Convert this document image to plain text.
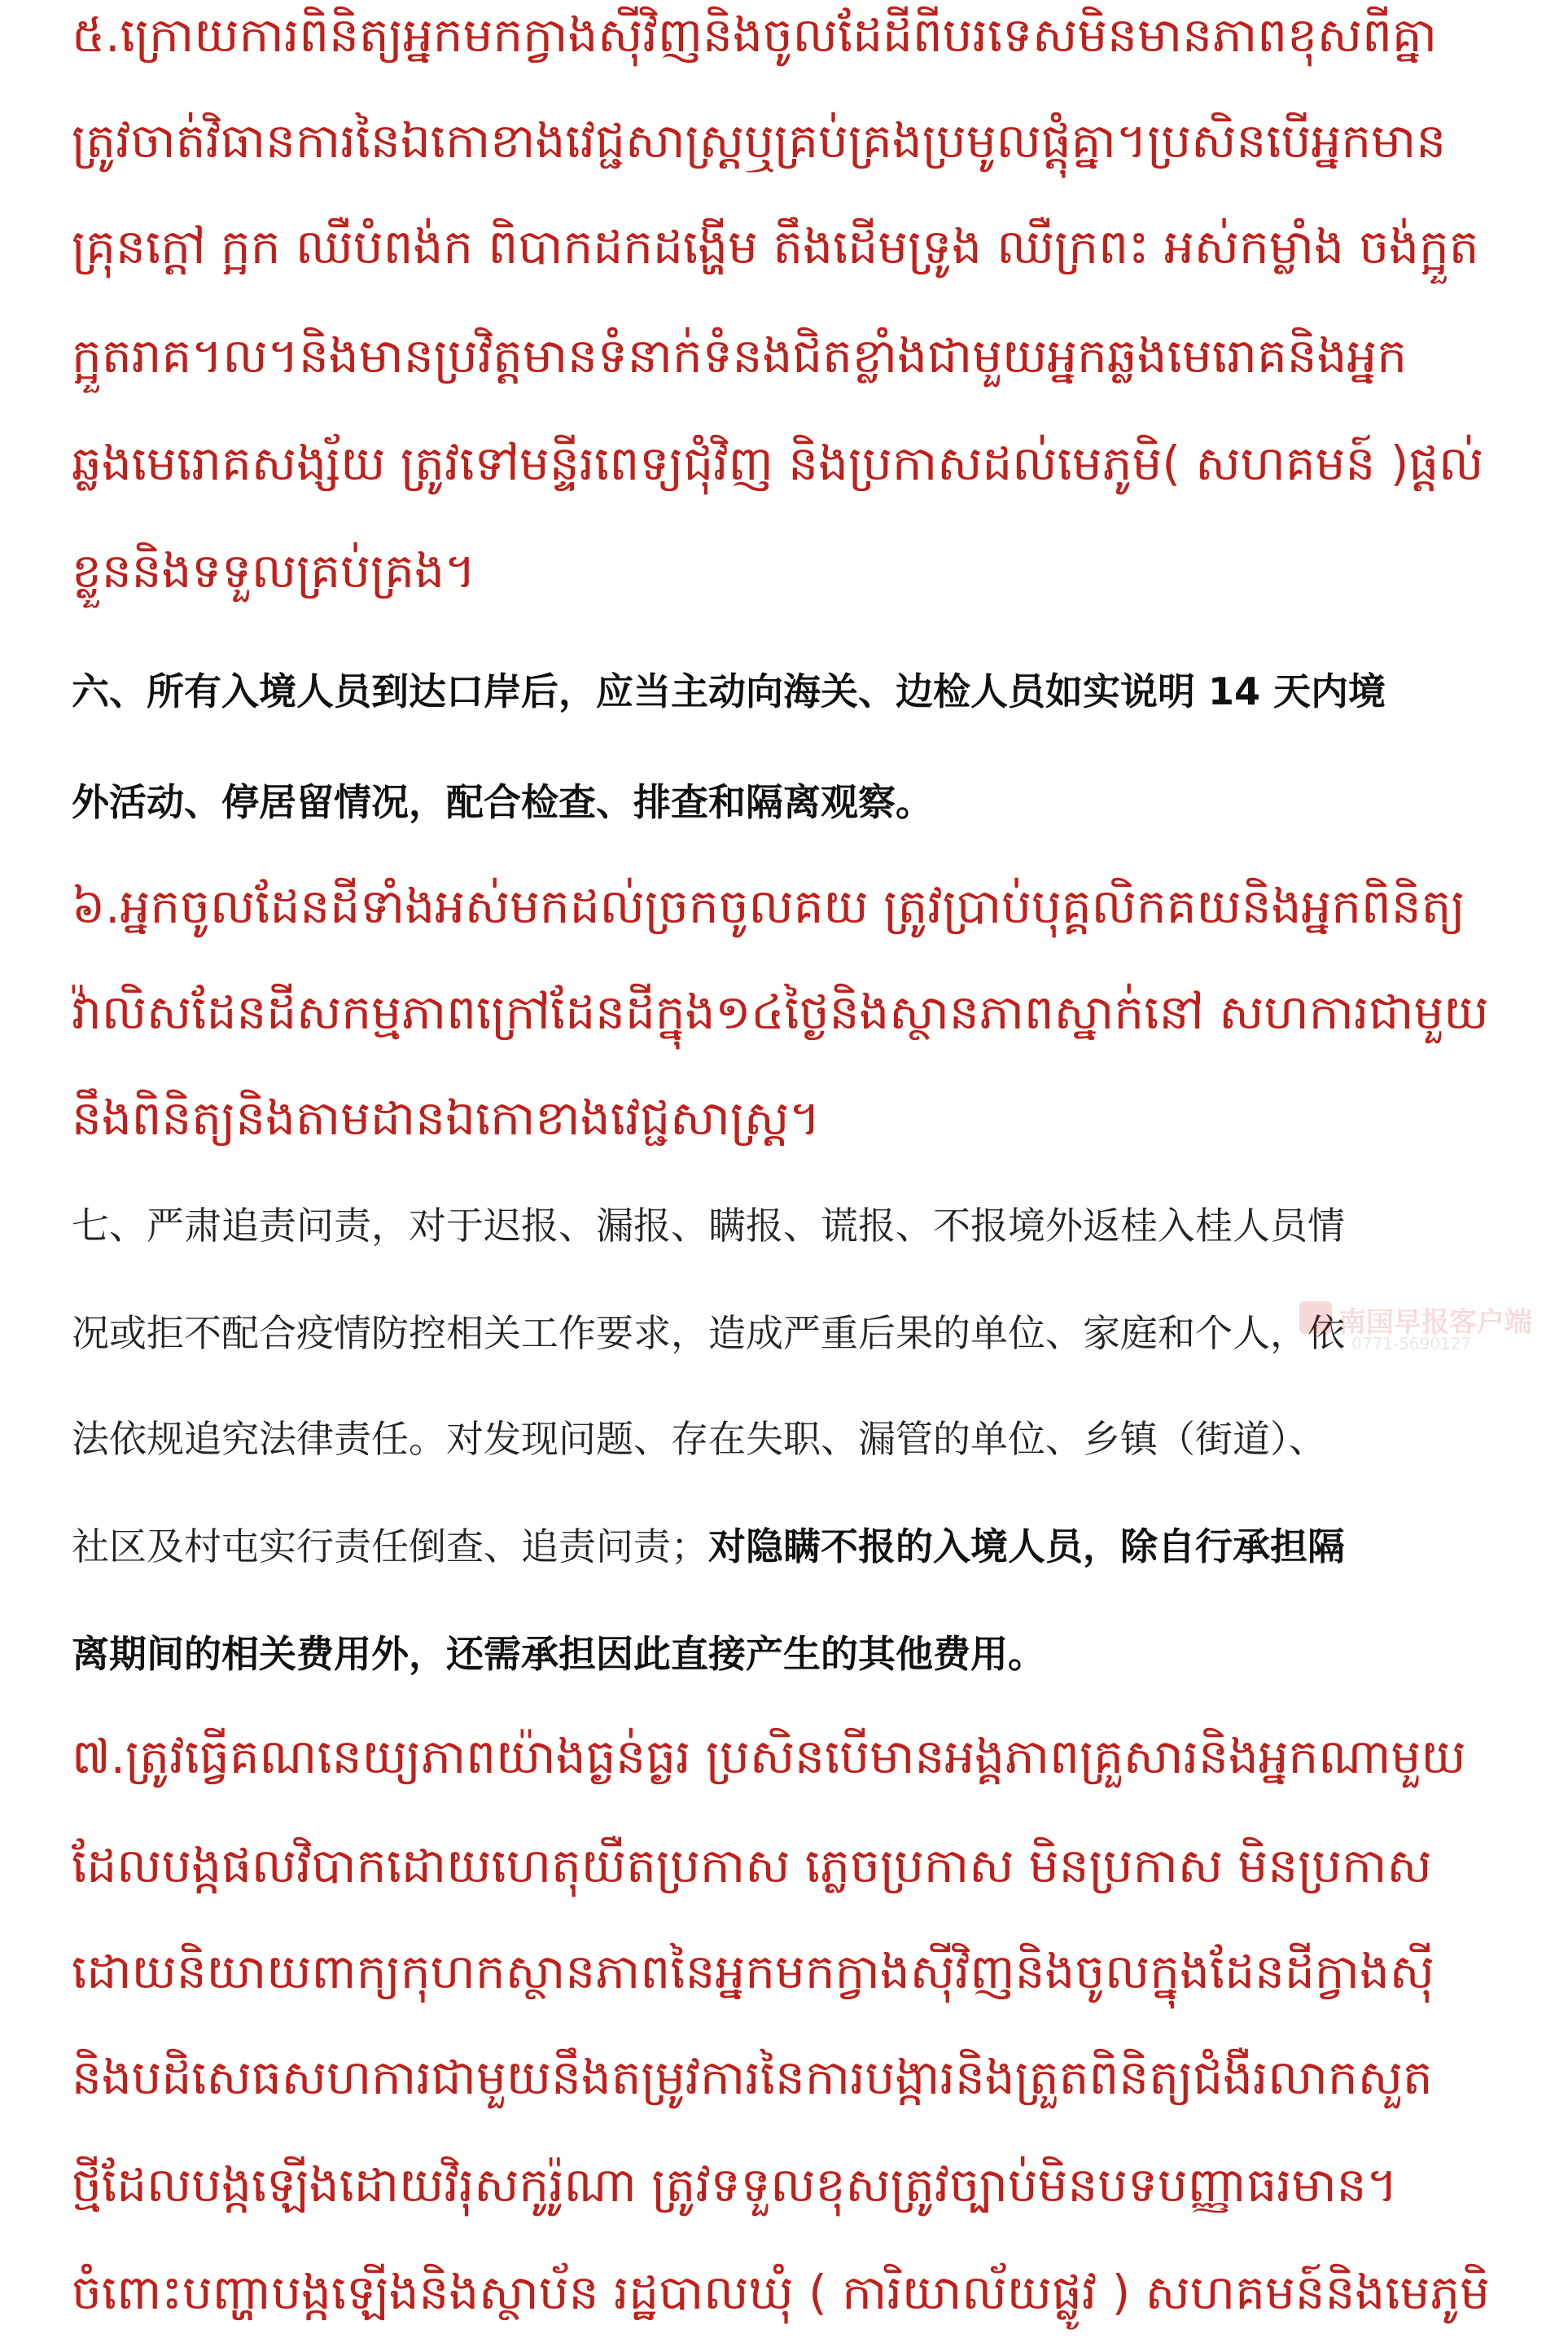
៥.ក្រោយការពិនិត្យអ្នកមកក្វាងស៊ីវិញនិងចូលដែដីពីបរទេសមិនមានភាពខុសពីគ្នា
ត្រូវចាត់វិធានការនៃឯកោខាងវេជ្ជសាស្ត្រឬគ្រប់គ្រងប្រមូលផ្តុំគ្នា។ប្រសិនបើអ្នកមាន
គ្រុនក្តៅ ក្អក ឈឺបំពង់ក ពិបាកដកដង្ហើម តឹងដើមទ្រូង ឈឺក្រពះ អស់កម្លាំង ចង់ក្អួត
ក្អួតរាគ។ល។និងមានប្រវិត្តមានទំនាក់ទំនងជិតខ្លាំងជាមួយអ្នកឆ្លងមេរោគនិងអ្នក
ឆ្លងមេរោគសង្ស័យ ត្រូវទៅមន្ទីរពេទ្យជុំវិញ និងប្រកាសដល់មេភូមិ( សហគមន៍ )ផ្តល់
ខ្លួននិងទទួលគ្រប់គ្រង។
六、所有入境人员到达口岸后，应当主动向海关、边检人员如实说明 14 天内境
外活动、停居留情况，配合检查、排查和隔离观察。
៦.អ្នកចូលដែនដីទាំងអស់មកដល់ច្រកចូលគយ ត្រូវប្រាប់បុគ្គលិកគយនិងអ្នកពិនិត្យ
វ៉ាលិសដែនដីសកម្មភាពក្រៅដែនដីក្នុង១៤ថ្ងៃនិងស្ថានភាពស្នាក់នៅ សហការជាមួយ
នឹងពិនិត្យនិងតាមដានឯកោខាងវេជ្ជសាស្ត្រ។
七、严肃追责问责，对于迟报、漏报、瞒报、谎报、不报境外返桂入桂人员情
况或拒不配合疫情防控相关工作要求，造成严重后果的单位、家庭和个人，依
法依规追究法律责任。对发现问题、存在失职、漏管的单位、乡镇（街道）、
社区及村屯实行责任倒查、追责问责；对隐瞒不报的入境人员，除自行承担隔
离期间的相关费用外，还需承担因此直接产生的其他费用。
៧.ត្រូវធ្វើគណនេយ្យភាពយ៉ាងធ្ងន់ធ្ងរ ប្រសិនបើមានអង្គភាពគ្រួសារនិងអ្នកណាមួយ
ដែលបង្កផលវិបាកដោយហេតុយឺតប្រកាស ភ្លេចប្រកាស មិនប្រកាស មិនប្រកាស
ដោយនិយាយពាក្យកុហកស្ថានភាពនៃអ្នកមកក្វាងស៊ីវិញនិងចូលក្នុងដែនដីក្វាងស៊ី
និងបដិសេធសហការជាមួយនឹងតម្រូវការនៃការបង្ការនិងត្រួតពិនិត្យជំងឺរលាកសួត
ថ្មីដែលបង្កឡើងដោយវិរុសកូរ៉ូណា ត្រូវទទួលខុសត្រូវច្បាប់មិនបទបញ្ញាធរមាន។
ចំពោះបញ្ហាបង្កឡើងនិងស្ថាប័ន រដ្ឋបាលឃុំ ( ការិយាល័យផ្លូវ ) សហគមន៍និងមេភូមិ
南国早报客户端
0771-5690127
